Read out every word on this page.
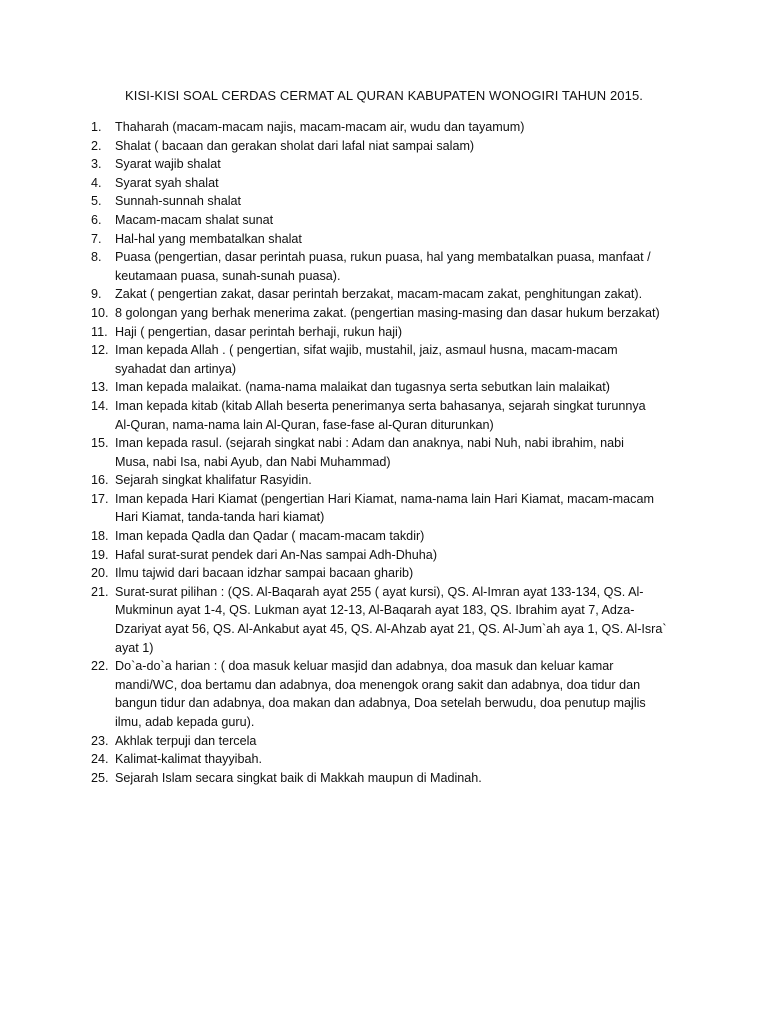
KISI-KISI SOAL CERDAS CERMAT AL QURAN KABUPATEN WONOGIRI TAHUN 2015.
1.	Thaharah (macam-macam najis, macam-macam air, wudu dan tayamum)
2.	Shalat ( bacaan dan gerakan sholat dari lafal niat sampai salam)
3.	Syarat wajib shalat
4.	Syarat syah shalat
5.	Sunnah-sunnah shalat
6.	Macam-macam shalat sunat
7.	Hal-hal yang membatalkan shalat
8.	Puasa (pengertian, dasar perintah puasa, rukun puasa, hal yang membatalkan puasa, manfaat /
keutamaan puasa, sunah-sunah puasa).
9.	Zakat ( pengertian zakat, dasar perintah berzakat, macam-macam zakat, penghitungan zakat).
10. 8 golongan yang berhak menerima zakat. (pengertian masing-masing dan dasar hukum berzakat)
11. Haji ( pengertian, dasar perintah berhaji, rukun haji)
12. Iman kepada Allah . ( pengertian, sifat wajib, mustahil, jaiz, asmaul husna, macam-macam
syahadat dan artinya)
13. Iman kepada malaikat. (nama-nama malaikat dan tugasnya serta sebutkan lain malaikat)
14. Iman kepada kitab (kitab Allah beserta penerimanya serta bahasanya, sejarah singkat turunnya
Al-Quran, nama-nama lain Al-Quran, fase-fase al-Quran diturunkan)
15. Iman kepada rasul. (sejarah singkat nabi : Adam dan anaknya, nabi Nuh, nabi ibrahim, nabi
Musa, nabi Isa, nabi Ayub, dan Nabi Muhammad)
16. Sejarah singkat khalifatur Rasyidin.
17. Iman kepada Hari Kiamat (pengertian Hari Kiamat, nama-nama lain Hari Kiamat, macam-macam
Hari Kiamat, tanda-tanda hari kiamat)
18. Iman kepada Qadla dan Qadar ( macam-macam takdir)
19. Hafal surat-surat pendek dari An-Nas sampai Adh-Dhuha)
20. Ilmu tajwid dari bacaan idzhar sampai bacaan gharib)
21. Surat-surat pilihan : (QS. Al-Baqarah ayat 255 ( ayat kursi), QS. Al-Imran ayat 133-134, QS. Al-
Mukminun ayat 1-4, QS. Lukman ayat 12-13, Al-Baqarah ayat 183, QS. Ibrahim ayat 7, Adza-
Dzariyat ayat 56, QS. Al-Ankabut ayat 45, QS. Al-Ahzab ayat 21, QS. Al-Jum`ah aya 1, QS. Al-Isra`
ayat 1)
22. Do`a-do`a harian : ( doa masuk keluar masjid dan adabnya, doa masuk dan keluar kamar
mandi/WC, doa bertamu dan adabnya, doa menengok orang sakit dan adabnya, doa tidur dan
bangun tidur dan adabnya, doa makan dan adabnya, Doa setelah berwudu, doa penutup majlis
ilmu, adab kepada guru).
23. Akhlak terpuji dan tercela
24. Kalimat-kalimat thayyibah.
25. Sejarah Islam secara singkat baik di Makkah maupun di Madinah.
